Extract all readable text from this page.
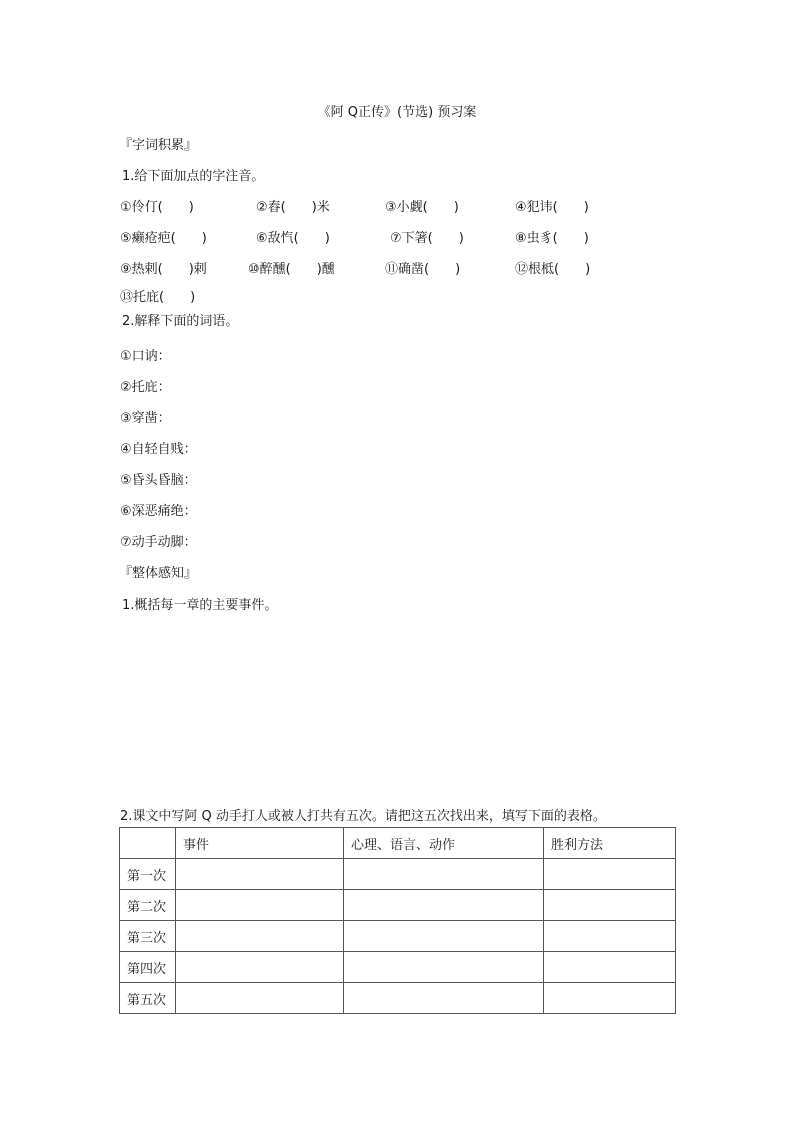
《阿 Q正传》(节选) 预习案
『字词积累』
1.给下面加点的字注音。
①伶仃(　　)	②舂(　　)米	③小觑(　　)	④犯讳(　　)
⑤癞疮疤(　　)	⑥敌忾(　　)	⑦下箸(　　)	⑧虫豸(　　)
⑨热剌(　　)剌	⑩醉醺(　　)醺	⑪确凿(　　)	⑫根柢(　　)
⑬托庇(　　)
2.解释下面的词语。
①口讷：
②托庇：
③穿凿：
④自轻自贱：
⑤昏头昏脑：
⑥深恶痛绝：
⑦动手动脚：
『整体感知』
1.概括每一章的主要事件。
2.课文中写阿 Q 动手打人或被人打共有五次。请把这五次找出来，填写下面的表格。
	事件	心理、语言、动作	胜利方法
第一次			
第二次			
第三次			
第四次			
第五次			
